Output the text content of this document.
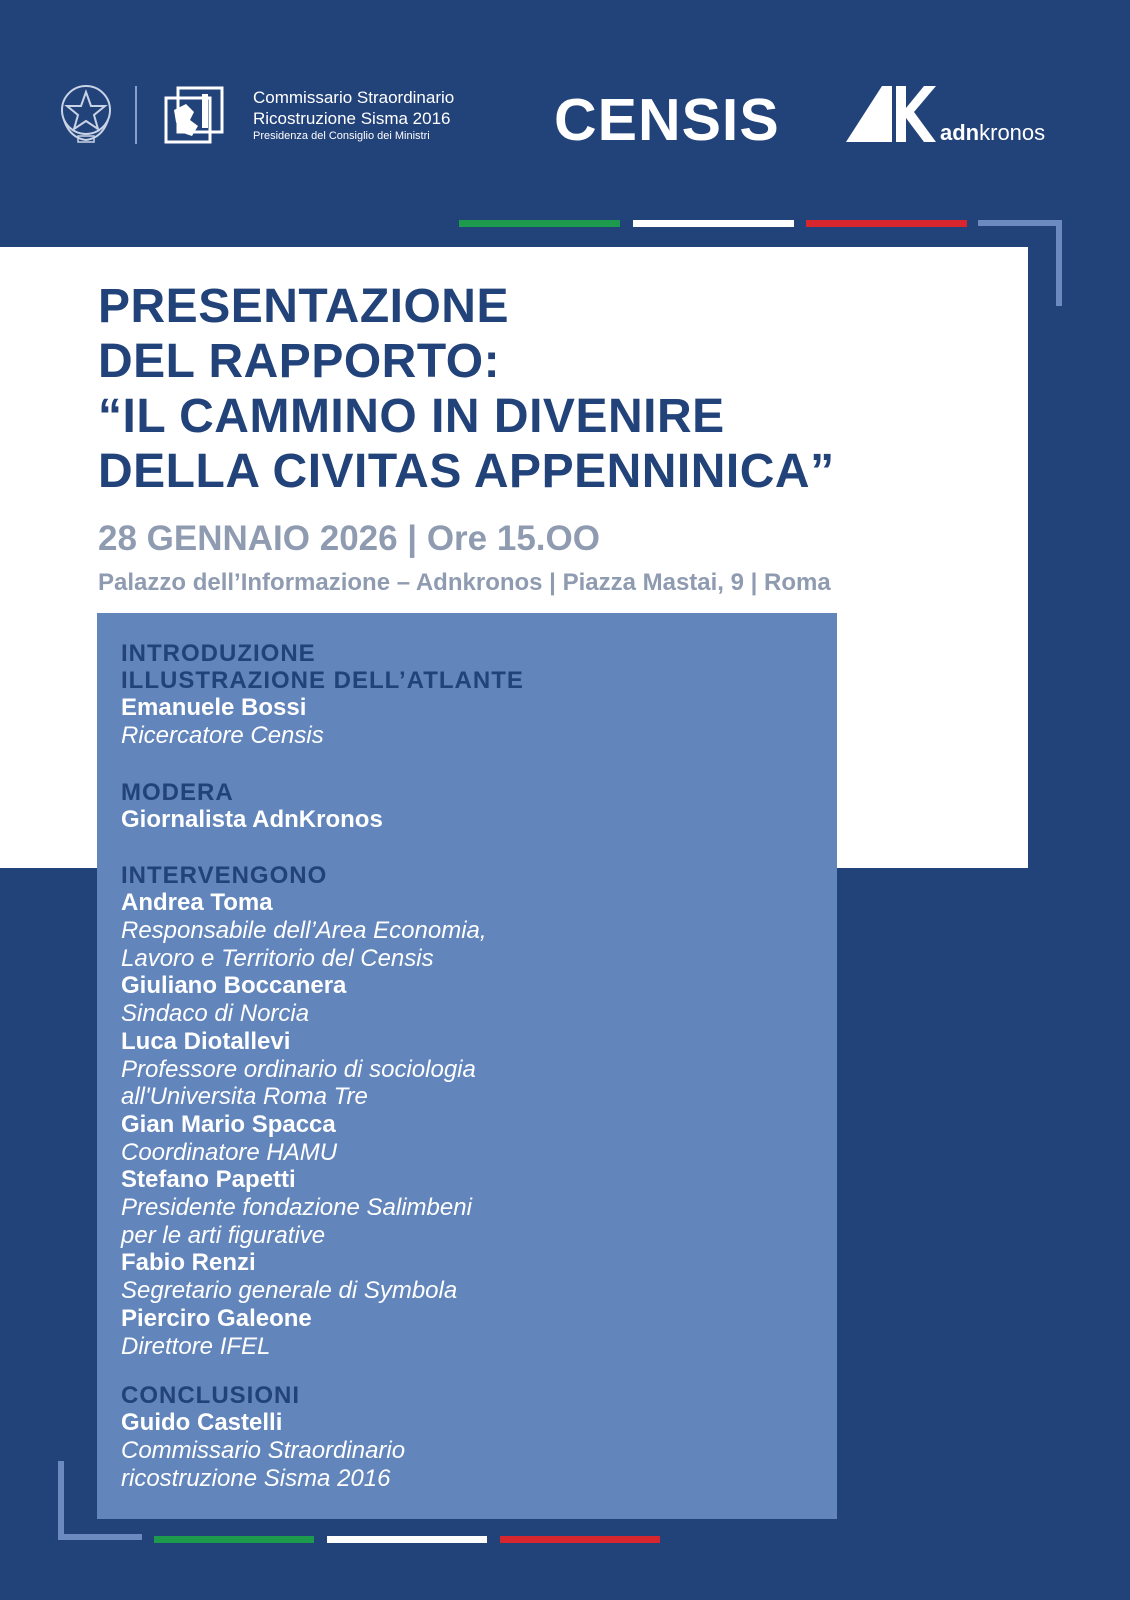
Commissario Straordinario
Ricostruzione Sisma 2016
Presidenza del Consiglio dei Ministri	CENSIS	adnkronos
PRESENTAZIONE
DEL RAPPORTO:
“IL CAMMINO IN DIVENIRE
DELLA CIVITAS APPENNINICA”
28 GENNAIO 2026 | Ore 15.OO
Palazzo dell’Informazione – Adnkronos | Piazza Mastai, 9 | Roma
INTRODUZIONE
ILLUSTRAZIONE DELL’ATLANTE
Emanuele Bossi
Ricercatore Censis
MODERA
Giornalista AdnKronos
INTERVENGONO
Andrea Toma
Responsabile dell’Area Economia,
Lavoro e Territorio del Censis
Giuliano Boccanera
Sindaco di Norcia
Luca Diotallevi
Professore ordinario di sociologia
all'Universita Roma Tre
Gian Mario Spacca
Coordinatore HAMU
Stefano Papetti
Presidente fondazione Salimbeni
per le arti figurative
Fabio Renzi
Segretario generale di Symbola
Pierciro Galeone
Direttore IFEL
CONCLUSIONI
Guido Castelli
Commissario Straordinario
ricostruzione Sisma 2016
